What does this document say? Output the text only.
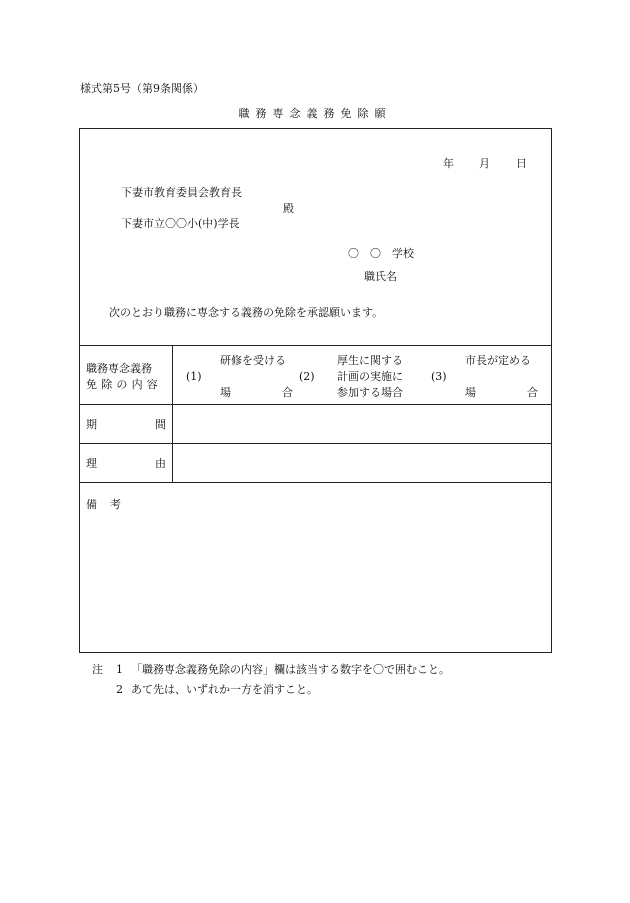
様式第5号（第9条関係）
職務専念義務免除願
年 月 日
下妻市教育委員会教育長
殿
下妻市立〇〇小(中)学長
〇　〇　学校
職氏名
次のとおり職務に専念する義務の免除を承認願います。
職務専念義務
免除の内容
(1)
研修を受ける
場合
(2)
厚生に関する
計画の実施に
参加する場合
(3)
市長が定める
場合
期間
理由
備考
注 1 「職務専念義務免除の内容」欄は該当する数字を〇で囲むこと。
2 あて先は、いずれか一方を消すこと。
